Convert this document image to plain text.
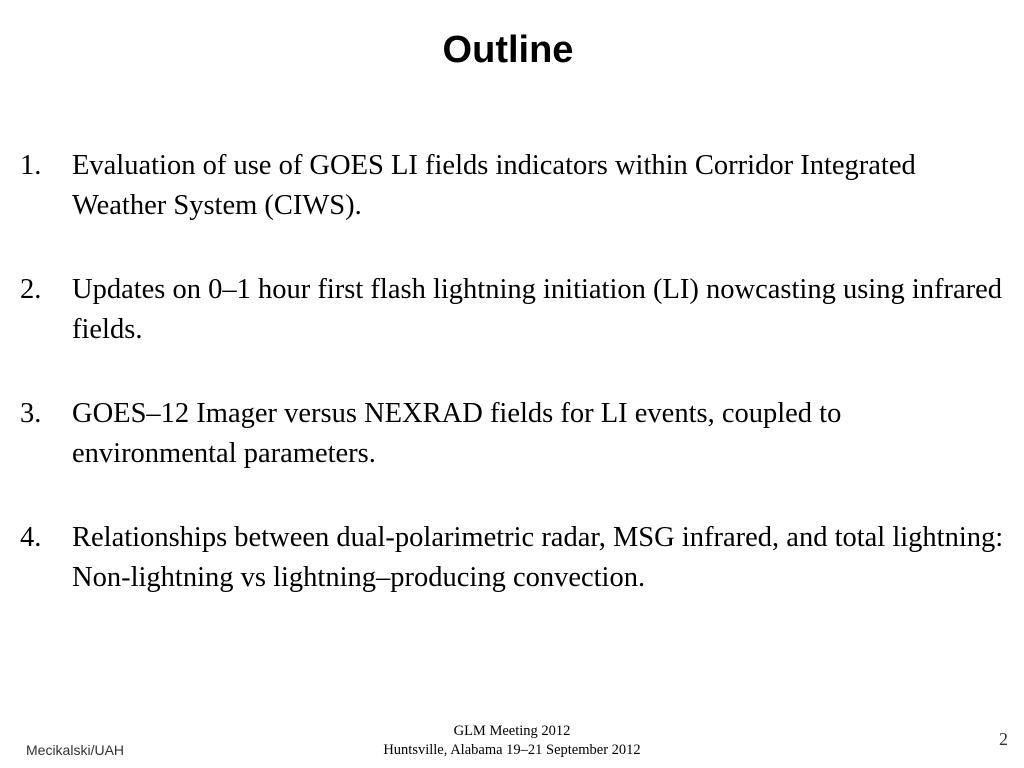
Outline
1. Evaluation of use of GOES LI fields indicators within Corridor Integrated Weather System (CIWS).
2. Updates on 0–1 hour first flash lightning initiation (LI) nowcasting using infrared fields.
3. GOES–12 Imager versus NEXRAD fields for LI events, coupled to environmental parameters.
4. Relationships between dual-polarimetric radar, MSG infrared, and total lightning: Non-lightning vs lightning–producing convection.
Mecikalski/UAH
GLM Meeting 2012
Huntsville, Alabama 19–21 September 2012
2
